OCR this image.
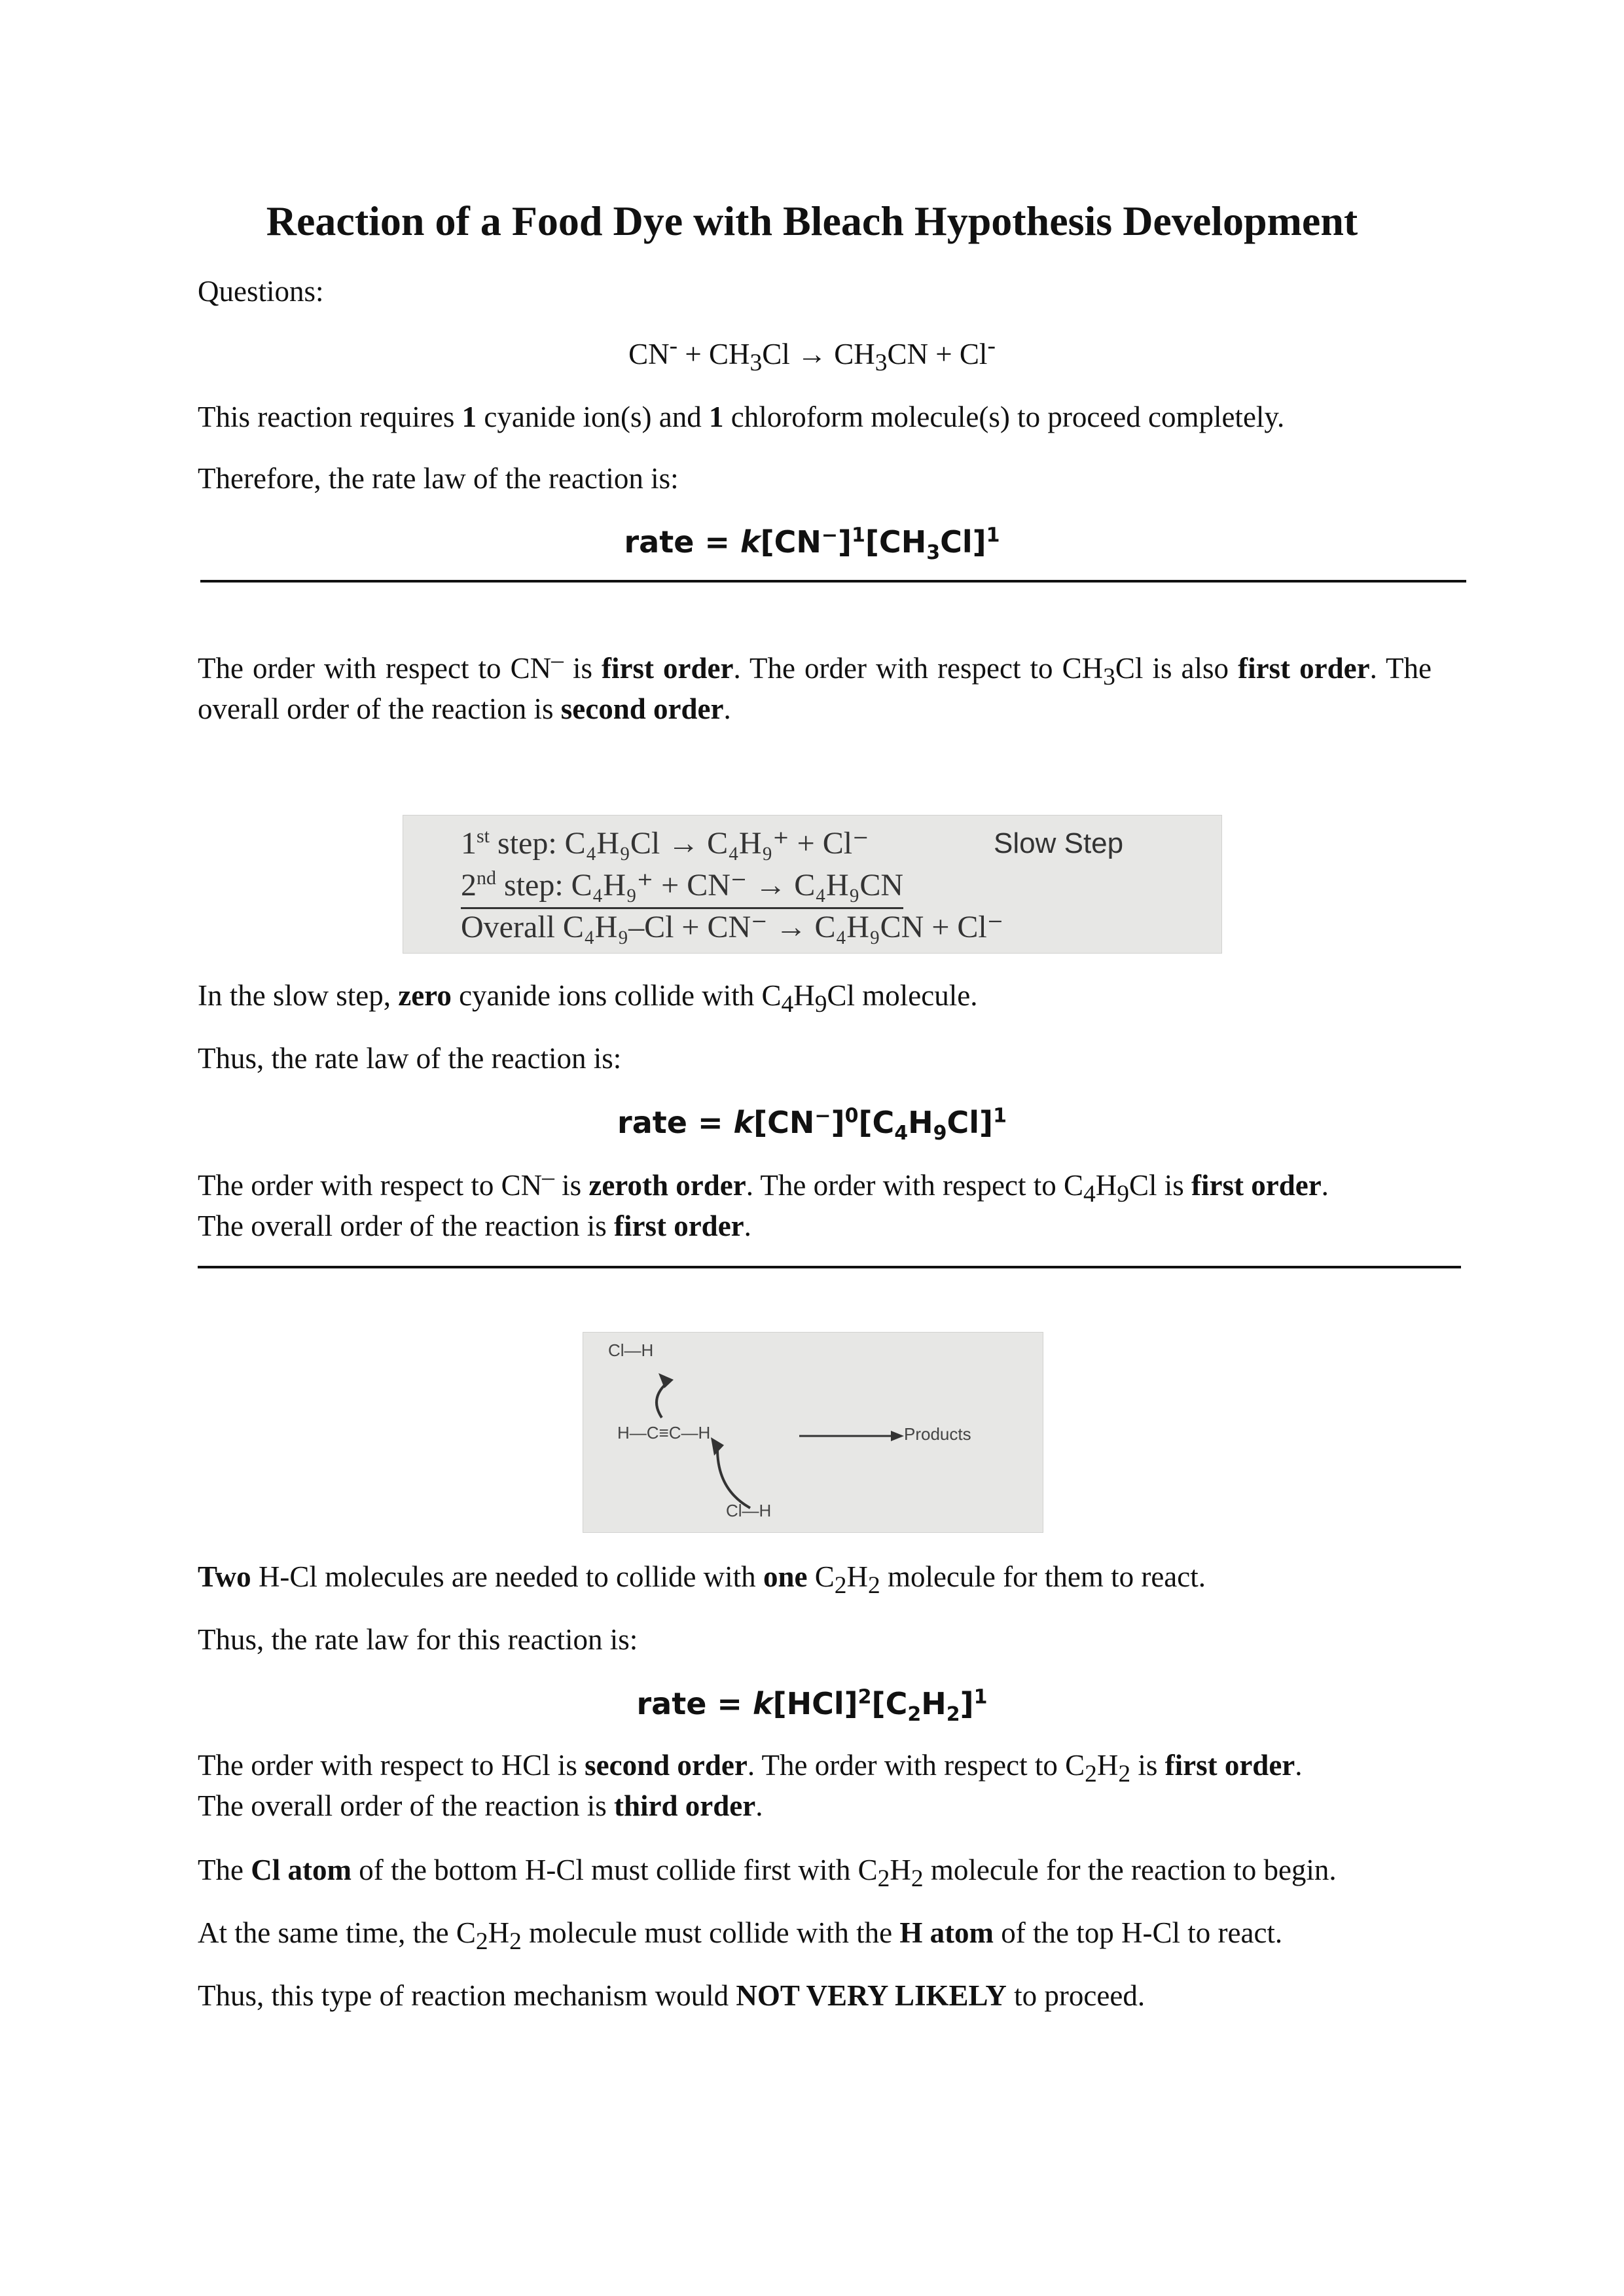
Reaction of a Food Dye with Bleach Hypothesis Development
Questions:
$CN^- + CH_3Cl \to CH_3CN + Cl^-$
This reaction requires 1 cyanide ion(s) and 1 chloroform molecule(s) to proceed completely.
Therefore, the rate law of the reaction is:
rate = $k[CN^-]^1[CH_3Cl]^1$
The order with respect to CN– is first order. The order with respect to $CH_3Cl$ is also first order. The overall order of the reaction is second order.
1st step: C₄H₉Cl → C₄H₉⁺ + Cl⁻	Slow Step
2nd step: C₄H₉⁺ + CN⁻ → C₄H₉CN
Overall C₄H₉–Cl + CN⁻ → C₄H₉CN + Cl⁻
In the slow step, zero cyanide ions collide with $C_4H_9Cl$ molecule.
Thus, the rate law of the reaction is:
rate = $k[CN^-]^0[C_4H_9Cl]^1$
The order with respect to CN– is zeroth order. The order with respect to $C_4H_9Cl$ is first order.
The overall order of the reaction is first order.
Cl—H
H—C≡C—H	Products
Cl—H
Two H-Cl molecules are needed to collide with one $C_2H_2$ molecule for them to react.
Thus, the rate law for this reaction is:
rate = $k[HCl]^2[C_2H_2]^1$
The order with respect to HCl is second order. The order with respect to $C_2H_2$ is first order.
The overall order of the reaction is third order.
The Cl atom of the bottom H-Cl must collide first with $C_2H_2$ molecule for the reaction to begin.
At the same time, the $C_2H_2$ molecule must collide with the H atom of the top H-Cl to react.
Thus, this type of reaction mechanism would NOT VERY LIKELY to proceed.
